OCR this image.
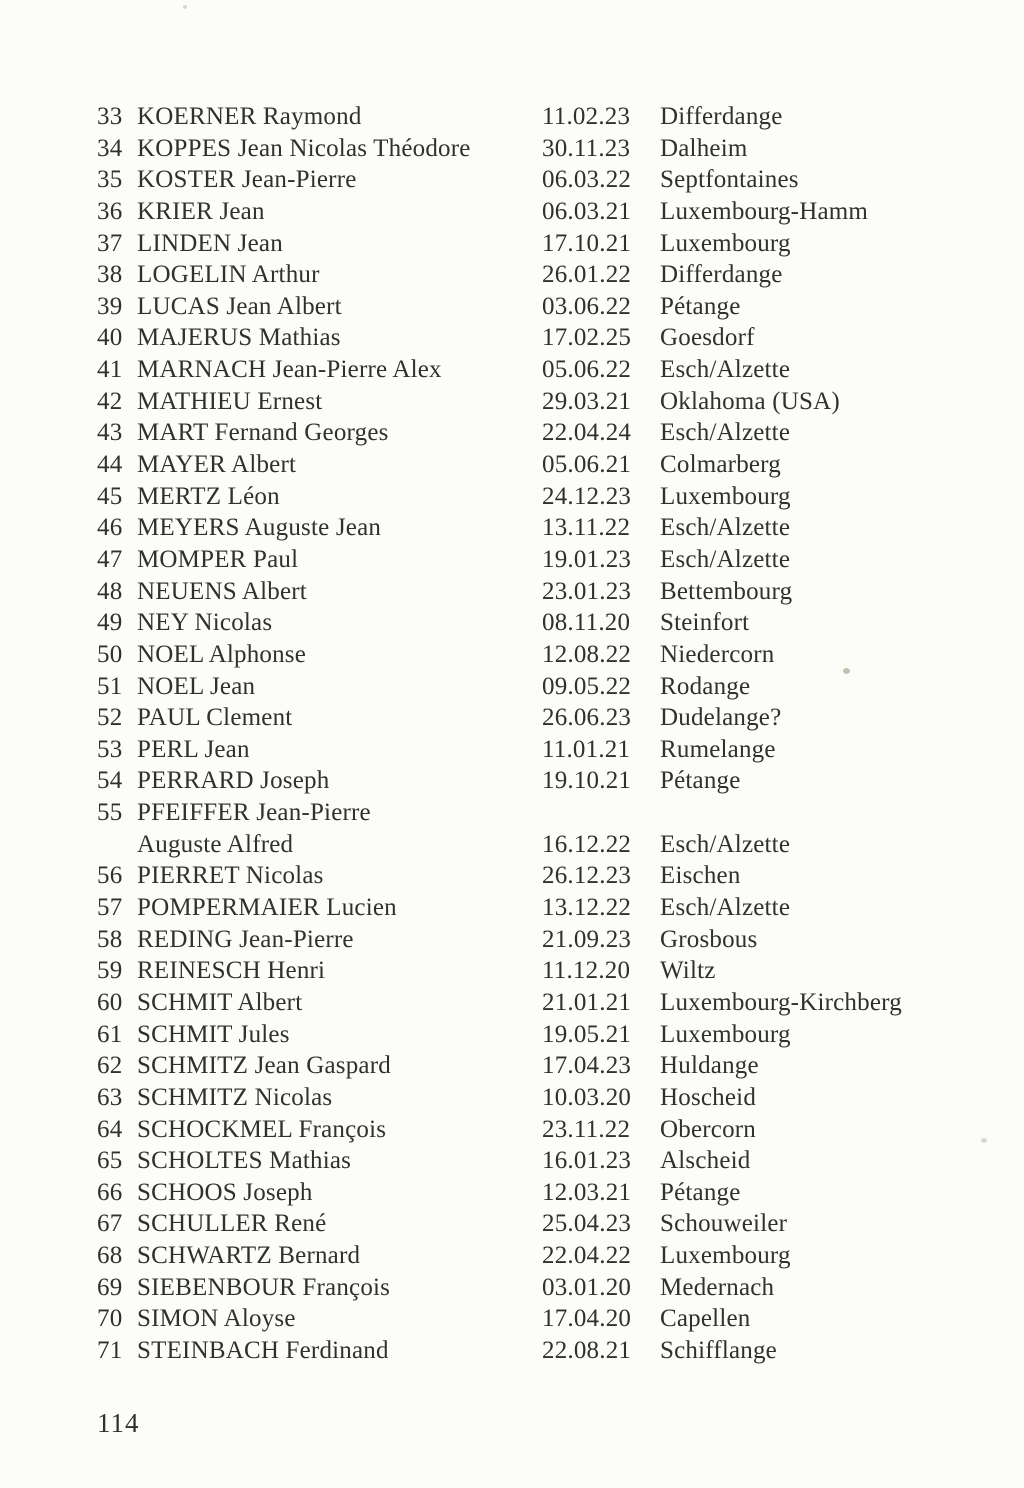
33 KOERNER Raymond	11.02.23	Differdange
34 KOPPES Jean Nicolas Théodore	30.11.23	Dalheim
35 KOSTER Jean-Pierre	06.03.22	Septfontaines
36 KRIER Jean	06.03.21	Luxembourg-Hamm
37 LINDEN Jean	17.10.21	Luxembourg
38 LOGELIN Arthur	26.01.22	Differdange
39 LUCAS Jean Albert	03.06.22	Pétange
40 MAJERUS Mathias	17.02.25	Goesdorf
41 MARNACH Jean-Pierre Alex	05.06.22	Esch/Alzette
42 MATHIEU Ernest	29.03.21	Oklahoma (USA)
43 MART Fernand Georges	22.04.24	Esch/Alzette
44 MAYER Albert	05.06.21	Colmarberg
45 MERTZ Léon	24.12.23	Luxembourg
46 MEYERS Auguste Jean	13.11.22	Esch/Alzette
47 MOMPER Paul	19.01.23	Esch/Alzette
48 NEUENS Albert	23.01.23	Bettembourg
49 NEY Nicolas	08.11.20	Steinfort
50 NOEL Alphonse	12.08.22	Niedercorn
51 NOEL Jean	09.05.22	Rodange
52 PAUL Clement	26.06.23	Dudelange?
53 PERL Jean	11.01.21	Rumelange
54 PERRARD Joseph	19.10.21	Pétange
55 PFEIFFER Jean-Pierre
Auguste Alfred	16.12.22	Esch/Alzette
56 PIERRET Nicolas	26.12.23	Eischen
57 POMPERMAIER Lucien	13.12.22	Esch/Alzette
58 REDING Jean-Pierre	21.09.23	Grosbous
59 REINESCH Henri	11.12.20	Wiltz
60 SCHMIT Albert	21.01.21	Luxembourg-Kirchberg
61 SCHMIT Jules	19.05.21	Luxembourg
62 SCHMITZ Jean Gaspard	17.04.23	Huldange
63 SCHMITZ Nicolas	10.03.20	Hoscheid
64 SCHOCKMEL François	23.11.22	Obercorn
65 SCHOLTES Mathias	16.01.23	Alscheid
66 SCHOOS Joseph	12.03.21	Pétange
67 SCHULLER René	25.04.23	Schouweiler
68 SCHWARTZ Bernard	22.04.22	Luxembourg
69 SIEBENBOUR François	03.01.20	Medernach
70 SIMON Aloyse	17.04.20	Capellen
71 STEINBACH Ferdinand	22.08.21	Schifflange
114
